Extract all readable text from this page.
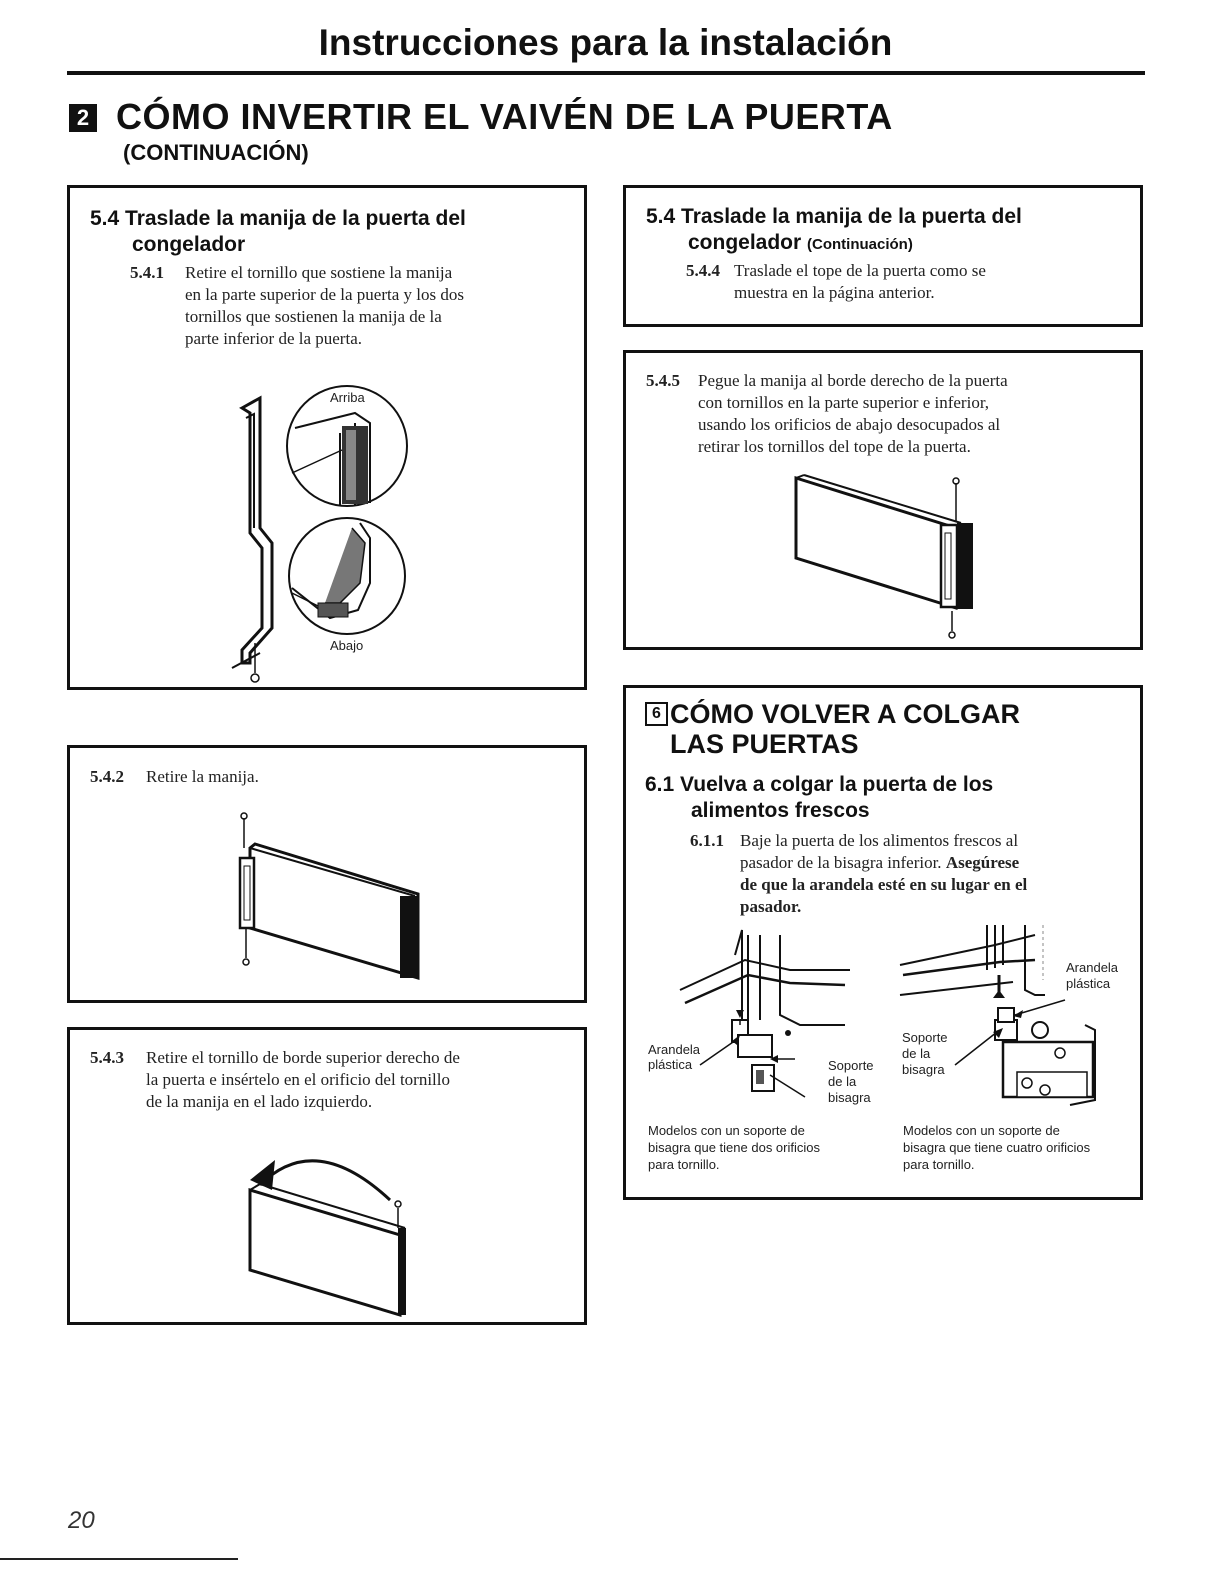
Instrucciones para la instalación
2 CÓMO INVERTIR EL VAIVÉN DE LA PUERTA
(CONTINUACIÓN)
5.4 Traslade la manija de la puerta del
congelador
5.4.1 Retire el tornillo que sostiene la manija
en la parte superior de la puerta y los dos
tornillos que sostienen la manija de la
parte inferior de la puerta.
Arriba
Abajo
5.4.2 Retire la manija.
5.4.3 Retire el tornillo de borde superior derecho de
la puerta e insértelo en el orificio del tornillo
de la manija en el lado izquierdo.
5.4 Traslade la manija de la puerta del
congelador (Continuación)
5.4.4 Traslade el tope de la puerta como se
muestra en la página anterior.
5.4.5 Pegue la manija al borde derecho de la puerta
con tornillos en la parte superior e inferior,
usando los orificios de abajo desocupados al
retirar los tornillos del tope de la puerta.
6 CÓMO VOLVER A COLGAR
LAS PUERTAS
6.1 Vuelva a colgar la puerta de los
alimentos frescos
6.1.1 Baje la puerta de los alimentos frescos al
pasador de la bisagra inferior. Asegúrese
de que la arandela esté en su lugar en el
pasador.
Arandela
plástica	Soporte
de la
bisagra
Modelos con un soporte de
bisagra que tiene dos orificios
para tornillo.
Arandela
plástica
Soporte
de la
bisagra
Modelos con un soporte de
bisagra que tiene cuatro orificios
para tornillo.
20
